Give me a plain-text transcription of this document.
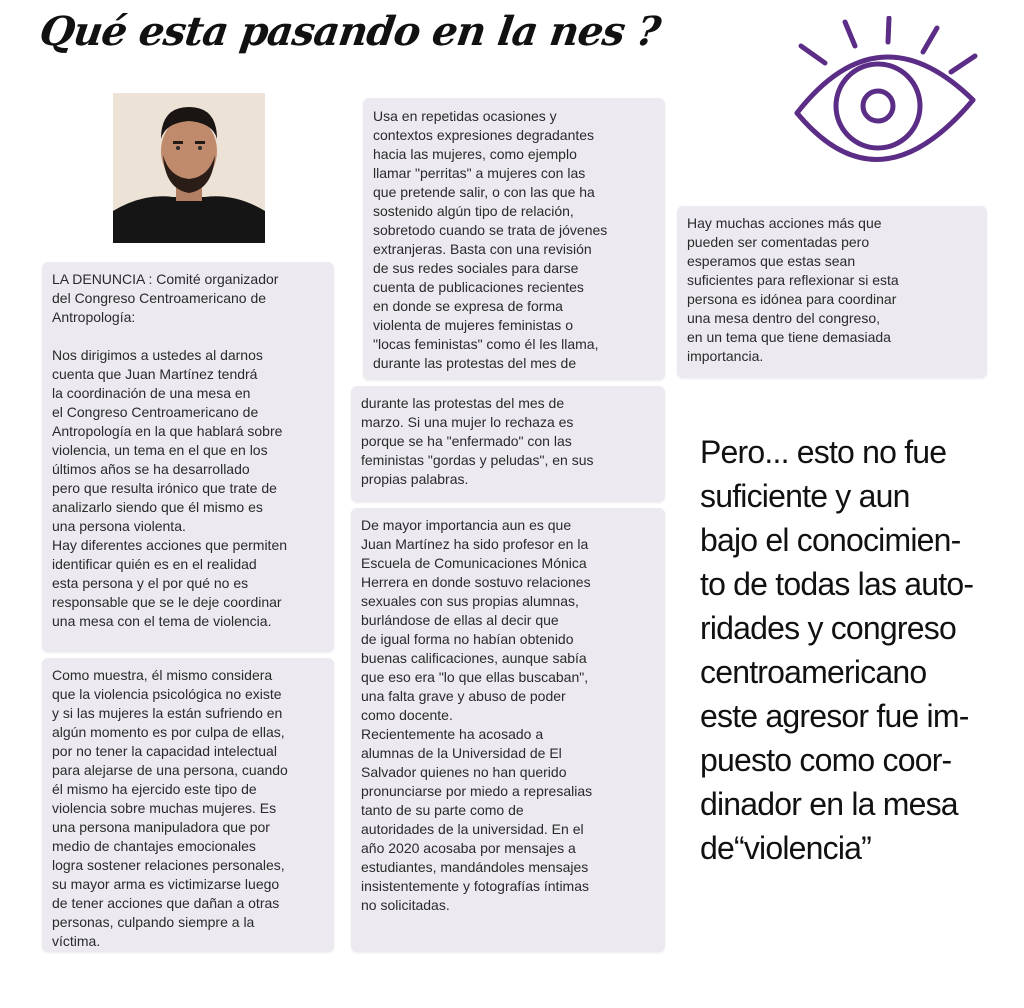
Qué esta pasando en la nes ?
LA DENUNCIA : Comité organizador
del Congreso Centroamericano de
Antropología:

Nos dirigimos a ustedes al darnos
cuenta que Juan Martínez tendrá
la coordinación de una mesa en
el Congreso Centroamericano de
Antropología en la que hablará sobre
violencia, un tema en el que en los
últimos años se ha desarrollado
pero que resulta irónico que trate de
analizarlo siendo que él mismo es
una persona violenta.
Hay diferentes acciones que permiten
identificar quién es en el realidad
esta persona y el por qué no es
responsable que se le deje coordinar
una mesa con el tema de violencia.
Como muestra, él mismo considera
que la violencia psicológica no existe
y si las mujeres la están sufriendo en
algún momento es por culpa de ellas,
por no tener la capacidad intelectual
para alejarse de una persona, cuando
él mismo ha ejercido este tipo de
violencia sobre muchas mujeres. Es
una persona manipuladora que por
medio de chantajes emocionales
logra sostener relaciones personales,
su mayor arma es victimizarse luego
de tener acciones que dañan a otras
personas, culpando siempre a la
víctima.
Usa en repetidas ocasiones y
contextos expresiones degradantes
hacia las mujeres, como ejemplo
llamar "perritas" a mujeres con las
que pretende salir, o con las que ha
sostenido algún tipo de relación,
sobretodo cuando se trata de jóvenes
extranjeras. Basta con una revisión
de sus redes sociales para darse
cuenta de publicaciones recientes
en donde se expresa de forma
violenta de mujeres feministas o
"locas feministas" como él les llama,
durante las protestas del mes de
durante las protestas del mes de
marzo. Si una mujer lo rechaza es
porque se ha "enfermado" con las
feministas "gordas y peludas", en sus
propias palabras.
De mayor importancia aun es que
Juan Martínez ha sido profesor en la
Escuela de Comunicaciones Mónica
Herrera en donde sostuvo relaciones
sexuales con sus propias alumnas,
burlándose de ellas al decir que
de igual forma no habían obtenido
buenas calificaciones, aunque sabía
que eso era "lo que ellas buscaban",
una falta grave y abuso de poder
como docente.
Recientemente ha acosado a
alumnas de la Universidad de El
Salvador quienes no han querido
pronunciarse por miedo a represalias
tanto de su parte como de
autoridades de la universidad. En el
año 2020 acosaba por mensajes a
estudiantes, mandándoles mensajes
insistentemente y fotografías íntimas
no solicitadas.
Hay muchas acciones más que
pueden ser comentadas pero
esperamos que estas sean
suficientes para reflexionar si esta
persona es idónea para coordinar
una mesa dentro del congreso,
en un tema que tiene demasiada
importancia.
Pero... esto no fue
suficiente y aun
bajo el conocimien-
to de todas las auto-
ridades y congreso
centroamericano
este agresor fue im-
puesto como coor-
dinador en la mesa
de“violencia”
